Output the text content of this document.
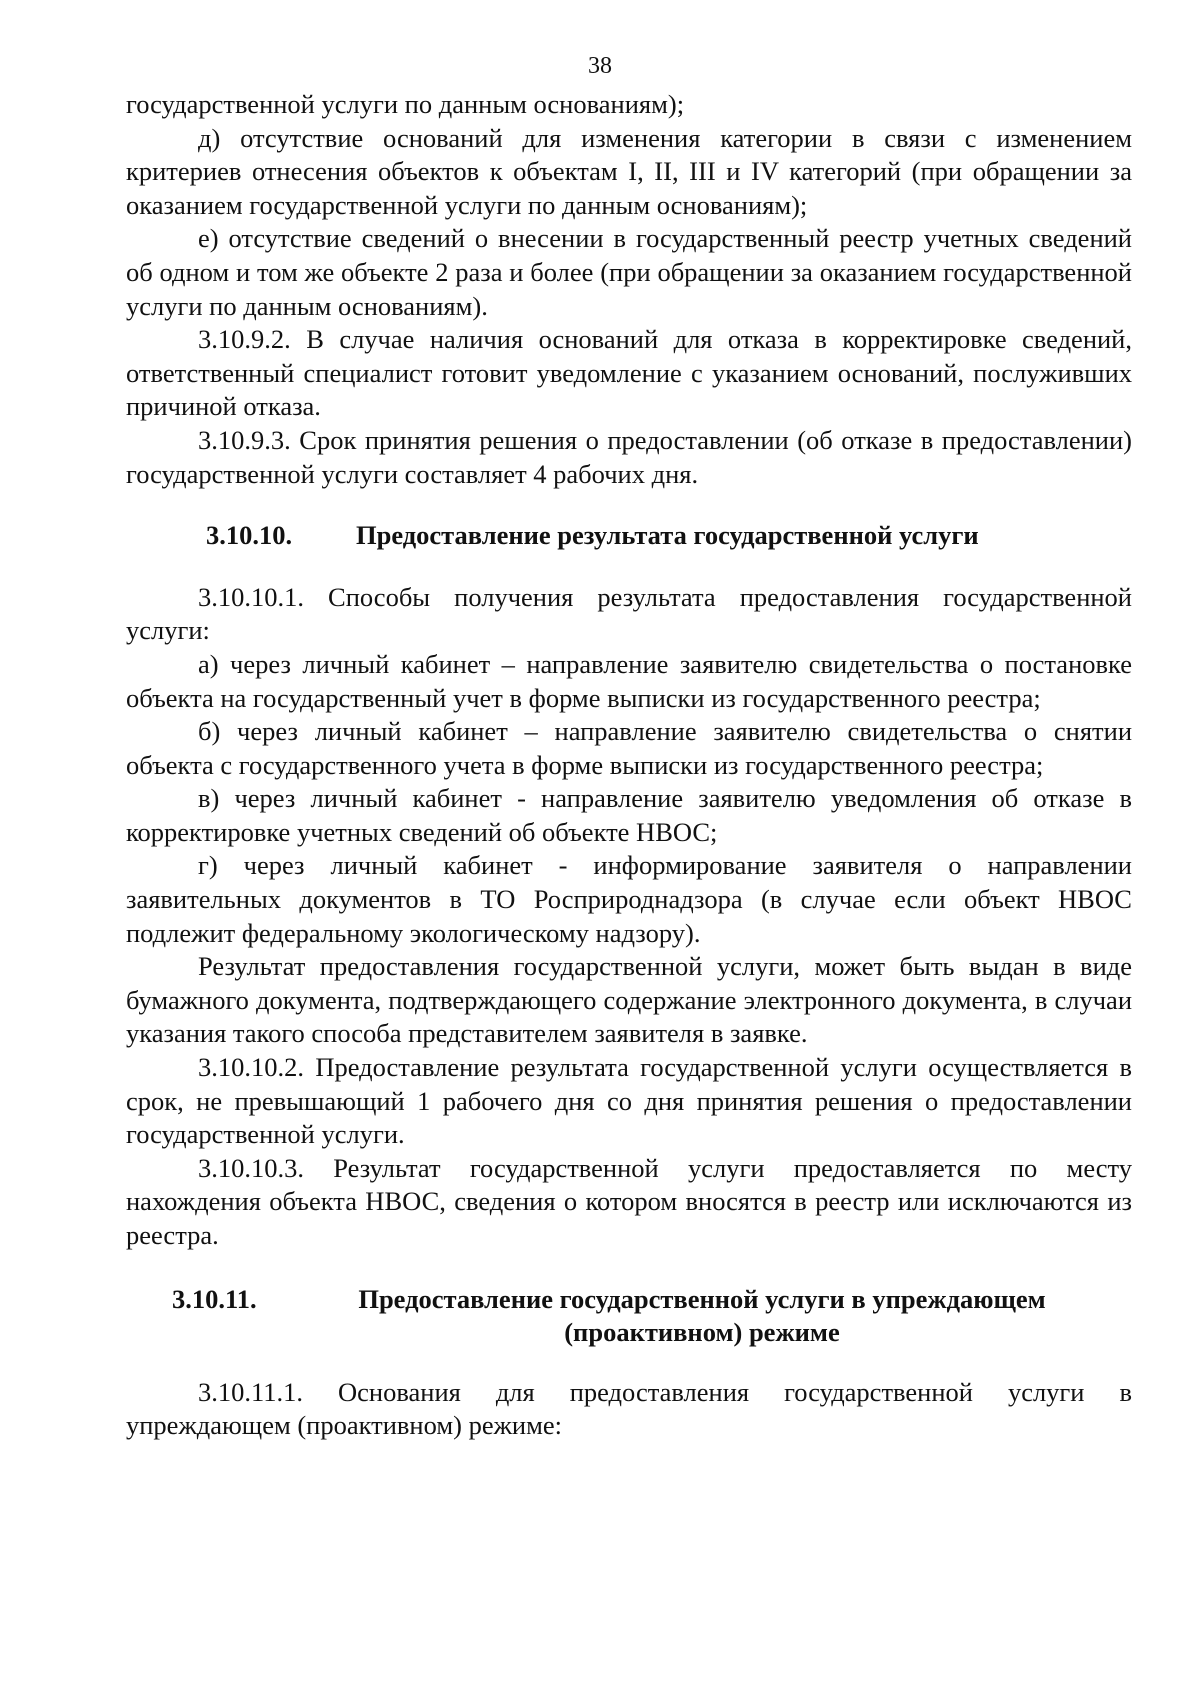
38

государственной услуги по данным основаниям);

д) отсутствие оснований для изменения категории в связи с изменением критериев отнесения объектов к объектам I, II, III и IV категорий (при обращении за оказанием государственной услуги по данным основаниям);

е) отсутствие сведений о внесении в государственный реестр учетных сведений об одном и том же объекте 2 раза и более (при обращении за оказанием государственной услуги по данным основаниям).

3.10.9.2. В случае наличия оснований для отказа в корректировке сведений, ответственный специалист готовит уведомление с указанием оснований, послуживших причиной отказа.

3.10.9.3. Срок принятия решения о предоставлении (об отказе в предоставлении) государственной услуги составляет 4 рабочих дня.

3.10.10.	Предоставление результата государственной услуги

3.10.10.1. Способы получения результата предоставления государственной услуги:

а) через личный кабинет – направление заявителю свидетельства о постановке объекта на государственный учет в форме выписки из государственного реестра;

б) через личный кабинет – направление заявителю свидетельства о снятии объекта с государственного учета в форме выписки из государственного реестра;

в) через личный кабинет - направление заявителю уведомления об отказе в корректировке учетных сведений об объекте НВОС;

г) через личный кабинет - информирование заявителя о направлении заявительных документов в ТО Росприроднадзора (в случае если объект НВОС подлежит федеральному экологическому надзору).

Результат предоставления государственной услуги, может быть выдан в виде бумажного документа, подтверждающего содержание электронного документа, в случаи указания такого способа представителем заявителя в заявке.

3.10.10.2. Предоставление результата государственной услуги осуществляется в срок, не превышающий 1 рабочего дня со дня принятия решения о предоставлении государственной услуги.

3.10.10.3. Результат государственной услуги предоставляется по месту нахождения объекта НВОС, сведения о котором вносятся в реестр или исключаются из реестра.

3.10.11.	Предоставление государственной услуги в упреждающем
(проактивном) режиме

3.10.11.1. Основания для предоставления государственной услуги в упреждающем (проактивном) режиме:
